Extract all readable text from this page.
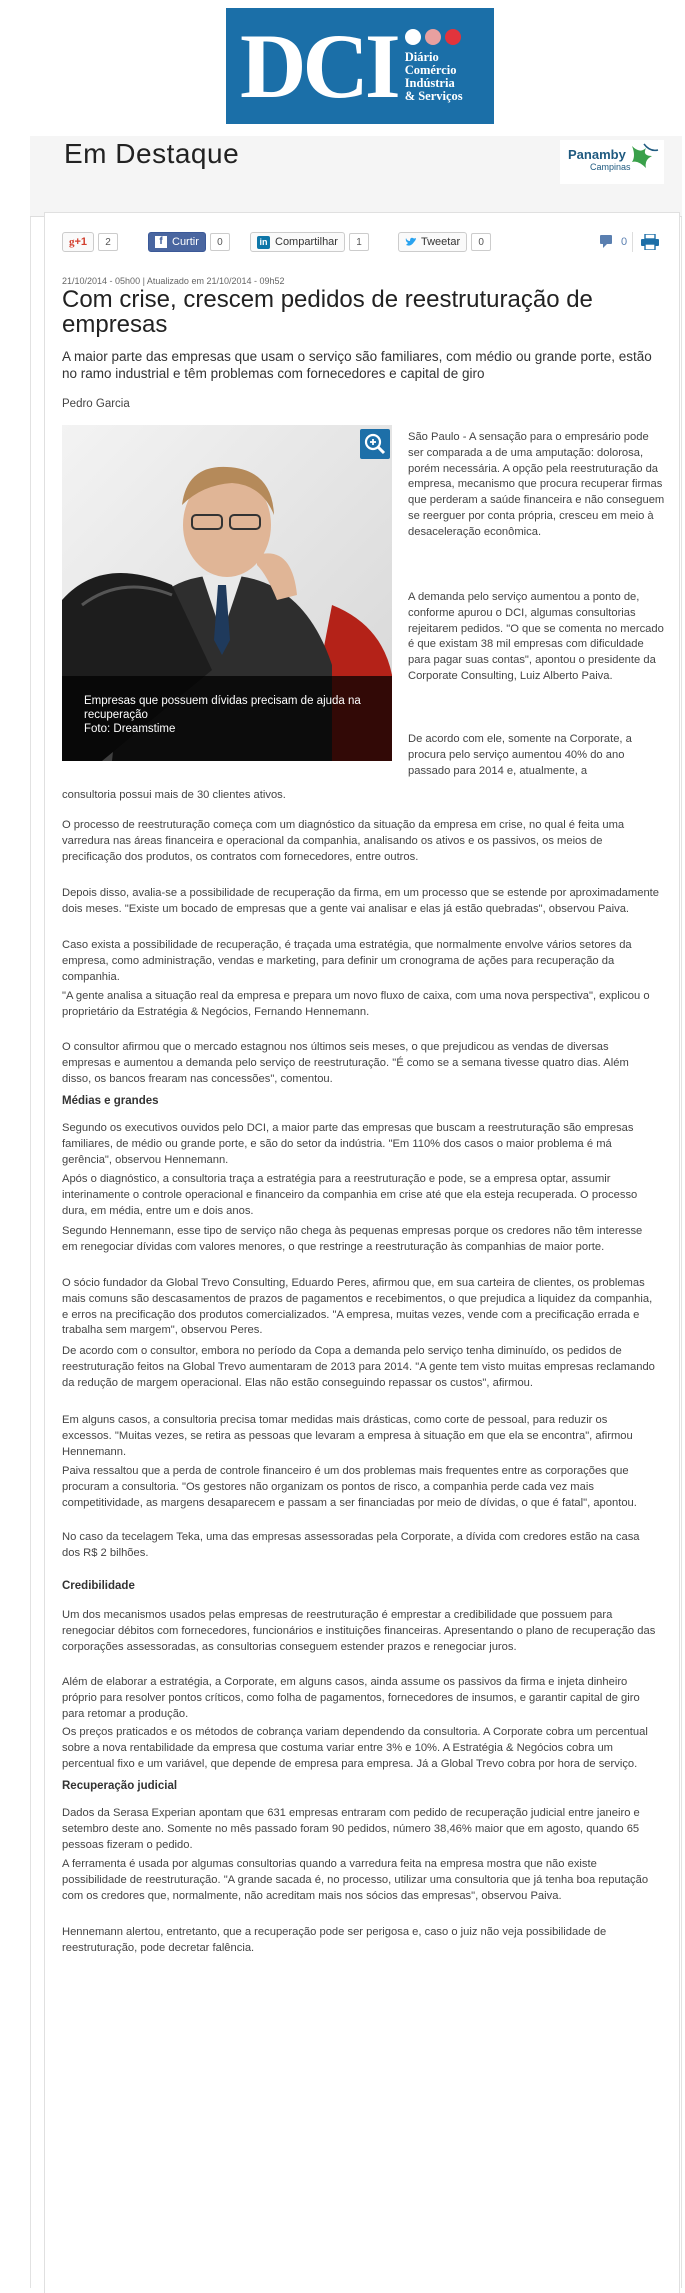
DCI Diário
Comércio
Indústria
& Serviços
Em Destaque	Panamby
Campinas
g +1	2	f Curtir	0	in Compartilhar	1	Tweetar	0	0
21/10/2014 - 05h00 | Atualizado em 21/10/2014 - 09h52
Com crise, crescem pedidos de reestruturação de empresas

A maior parte das empresas que usam o serviço são familiares, com médio ou grande porte, estão no ramo industrial e têm problemas com fornecedores e capital de giro

Pedro Garcia
Empresas que possuem dívidas precisam de ajuda na recuperação
Foto: Dreamstime

São Paulo - A sensação para o empresário pode ser comparada a de uma amputação: dolorosa, porém necessária. A opção pela reestruturação da empresa, mecanismo que procura recuperar firmas que perderam a saúde financeira e não conseguem se reerguer por conta própria, cresceu em meio à desaceleração econômica.

A demanda pelo serviço aumentou a ponto de, conforme apurou o DCI, algumas consultorias rejeitarem pedidos. "O que se comenta no mercado é que existam 38 mil empresas com dificuldade para pagar suas contas", apontou o presidente da Corporate Consulting, Luiz Alberto Paiva.

De acordo com ele, somente na Corporate, a procura pelo serviço aumentou 40% do ano passado para 2014 e, atualmente, a

consultoria possui mais de 30 clientes ativos.

O processo de reestruturação começa com um diagnóstico da situação da empresa em crise, no qual é feita uma varredura nas áreas financeira e operacional da companhia, analisando os ativos e os passivos, os meios de precificação dos produtos, os contratos com fornecedores, entre outros.

Depois disso, avalia-se a possibilidade de recuperação da firma, em um processo que se estende por aproximadamente dois meses. "Existe um bocado de empresas que a gente vai analisar e elas já estão quebradas", observou Paiva.

Caso exista a possibilidade de recuperação, é traçada uma estratégia, que normalmente envolve vários setores da empresa, como administração, vendas e marketing, para definir um cronograma de ações para recuperação da companhia.

"A gente analisa a situação real da empresa e prepara um novo fluxo de caixa, com uma nova perspectiva", explicou o proprietário da Estratégia & Negócios, Fernando Hennemann.

O consultor afirmou que o mercado estagnou nos últimos seis meses, o que prejudicou as vendas de diversas empresas e aumentou a demanda pelo serviço de reestruturação. "É como se a semana tivesse quatro dias. Além disso, os bancos frearam nas concessões", comentou.

Médias e grandes

Segundo os executivos ouvidos pelo DCI, a maior parte das empresas que buscam a reestruturação são empresas familiares, de médio ou grande porte, e são do setor da indústria. "Em 110% dos casos o maior problema é má gerência", observou Hennemann.

Após o diagnóstico, a consultoria traça a estratégia para a reestruturação e pode, se a empresa optar, assumir interinamente o controle operacional e financeiro da companhia em crise até que ela esteja recuperada. O processo dura, em média, entre um e dois anos.

Segundo Hennemann, esse tipo de serviço não chega às pequenas empresas porque os credores não têm interesse em renegociar dívidas com valores menores, o que restringe a reestruturação às companhias de maior porte.

O sócio fundador da Global Trevo Consulting, Eduardo Peres, afirmou que, em sua carteira de clientes, os problemas mais comuns são descasamentos de prazos de pagamentos e recebimentos, o que prejudica a liquidez da companhia, e erros na precificação dos produtos comercializados. "A empresa, muitas vezes, vende com a precificação errada e trabalha sem margem", observou Peres.

De acordo com o consultor, embora no período da Copa a demanda pelo serviço tenha diminuído, os pedidos de reestruturação feitos na Global Trevo aumentaram de 2013 para 2014. "A gente tem visto muitas empresas reclamando da redução de margem operacional. Elas não estão conseguindo repassar os custos", afirmou.

Em alguns casos, a consultoria precisa tomar medidas mais drásticas, como corte de pessoal, para reduzir os excessos. "Muitas vezes, se retira as pessoas que levaram a empresa à situação em que ela se encontra", afirmou Hennemann.

Paiva ressaltou que a perda de controle financeiro é um dos problemas mais frequentes entre as corporações que procuram a consultoria. "Os gestores não organizam os pontos de risco, a companhia perde cada vez mais competitividade, as margens desaparecem e passam a ser financiadas por meio de dívidas, o que é fatal", apontou.

No caso da tecelagem Teka, uma das empresas assessoradas pela Corporate, a dívida com credores estão na casa dos R$ 2 bilhões.

Credibilidade

Um dos mecanismos usados pelas empresas de reestruturação é emprestar a credibilidade que possuem para renegociar débitos com fornecedores, funcionários e instituições financeiras. Apresentando o plano de recuperação das corporações assessoradas, as consultorias conseguem estender prazos e renegociar juros.

Além de elaborar a estratégia, a Corporate, em alguns casos, ainda assume os passivos da firma e injeta dinheiro próprio para resolver pontos críticos, como folha de pagamentos, fornecedores de insumos, e garantir capital de giro para retomar a produção.

Os preços praticados e os métodos de cobrança variam dependendo da consultoria. A Corporate cobra um percentual sobre a nova rentabilidade da empresa que costuma variar entre 3% e 10%. A Estratégia & Negócios cobra um percentual fixo e um variável, que depende de empresa para empresa. Já a Global Trevo cobra por hora de serviço.

Recuperação judicial

Dados da Serasa Experian apontam que 631 empresas entraram com pedido de recuperação judicial entre janeiro e setembro deste ano. Somente no mês passado foram 90 pedidos, número 38,46% maior que em agosto, quando 65 pessoas fizeram o pedido.

A ferramenta é usada por algumas consultorias quando a varredura feita na empresa mostra que não existe possibilidade de reestruturação. "A grande sacada é, no processo, utilizar uma consultoria que já tenha boa reputação com os credores que, normalmente, não acreditam mais nos sócios das empresas", observou Paiva.

Hennemann alertou, entretanto, que a recuperação pode ser perigosa e, caso o juiz não veja possibilidade de reestruturação, pode decretar falência.
